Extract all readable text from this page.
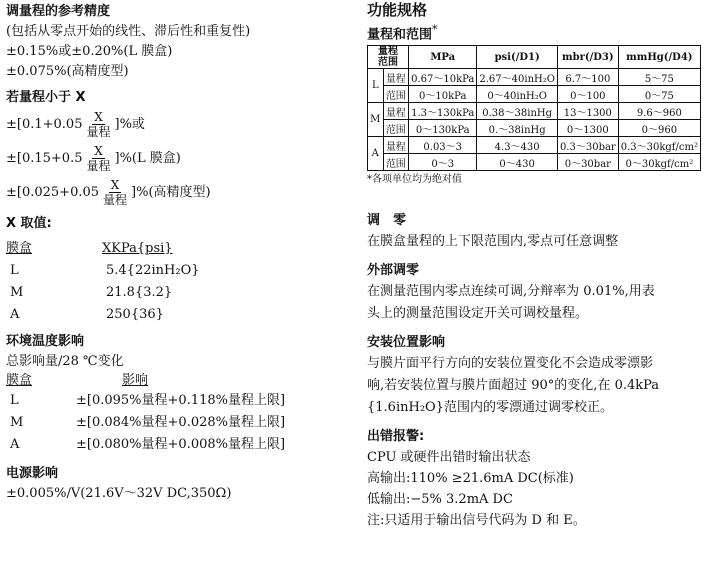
调量程的参考精度
(包括从零点开始的线性、滞后性和重复性)
±0.15%或±0.20%(L 膜盒)
±0.075%(高精度型)
若量程小于 X
$\pm[0.1+0.05 \frac{X}{\text{量程}}$ ]%或
$\pm[0.15+0.5 \frac{X}{\text{量程}} ]\%(L$ 膜盒)
$\pm[0.025+0.05 \frac{X}{\text{量程}}$ ]%(高精度型)
X 取值:
膜盒	XKPa{psi}
L	5.4{22inH₂O}
M	21.8{3.2}
A	250{36}
环境温度影响
总影响量/28 ℃变化
膜盒	影响
L	±[0.095%量程+0.118%量程上限]
M	±[0.084%量程+0.028%量程上限]
A	±[0.080%量程+0.008%量程上限]
电源影响
±0.005%/V(21.6V～32V DC,350Ω)
功能规格
量程和范围*
量程
范围		MPa	psi(/D1)	mbr(/D3)	mmHg(/D4)
L	量程	0.67～10kPa	2.67～40inH₂O	6.7～100	5～75
	范围	0～10kPa	0～40inH₂O	0～100	0～75
M	量程	1.3～130kPa	0.38～38inHg	13～1300	9.6～960
	范围	0～130kPa	0.～38inHg	0～1300	0～960
A	量程	0.03～3	4.3～430	0.3～30bar	0.3～30kgf/cm²
	范围	0～3	0～430	0～30bar	0～30kgf/cm²
*各项单位均为绝对值
调　零
在膜盒量程的上下限范围内,零点可任意调整
外部调零
在测量范围内零点连续可调,分辩率为 0.01%,用表
头上的测量范围设定开关可调校量程。
安装位置影响
与膜片面平行方向的安装位置变化不会造成零漂影
响,若安装位置与膜片面超过 90°的变化,在 0.4kPa
{1.6inH₂O}范围内的零漂通过调零校正。
出错报警:
CPU 或硬件出错时输出状态
高输出:110% ≥21.6mA DC(标准)
低输出:−5% 3.2mA DC
注:只适用于输出信号代码为 D 和 E。
